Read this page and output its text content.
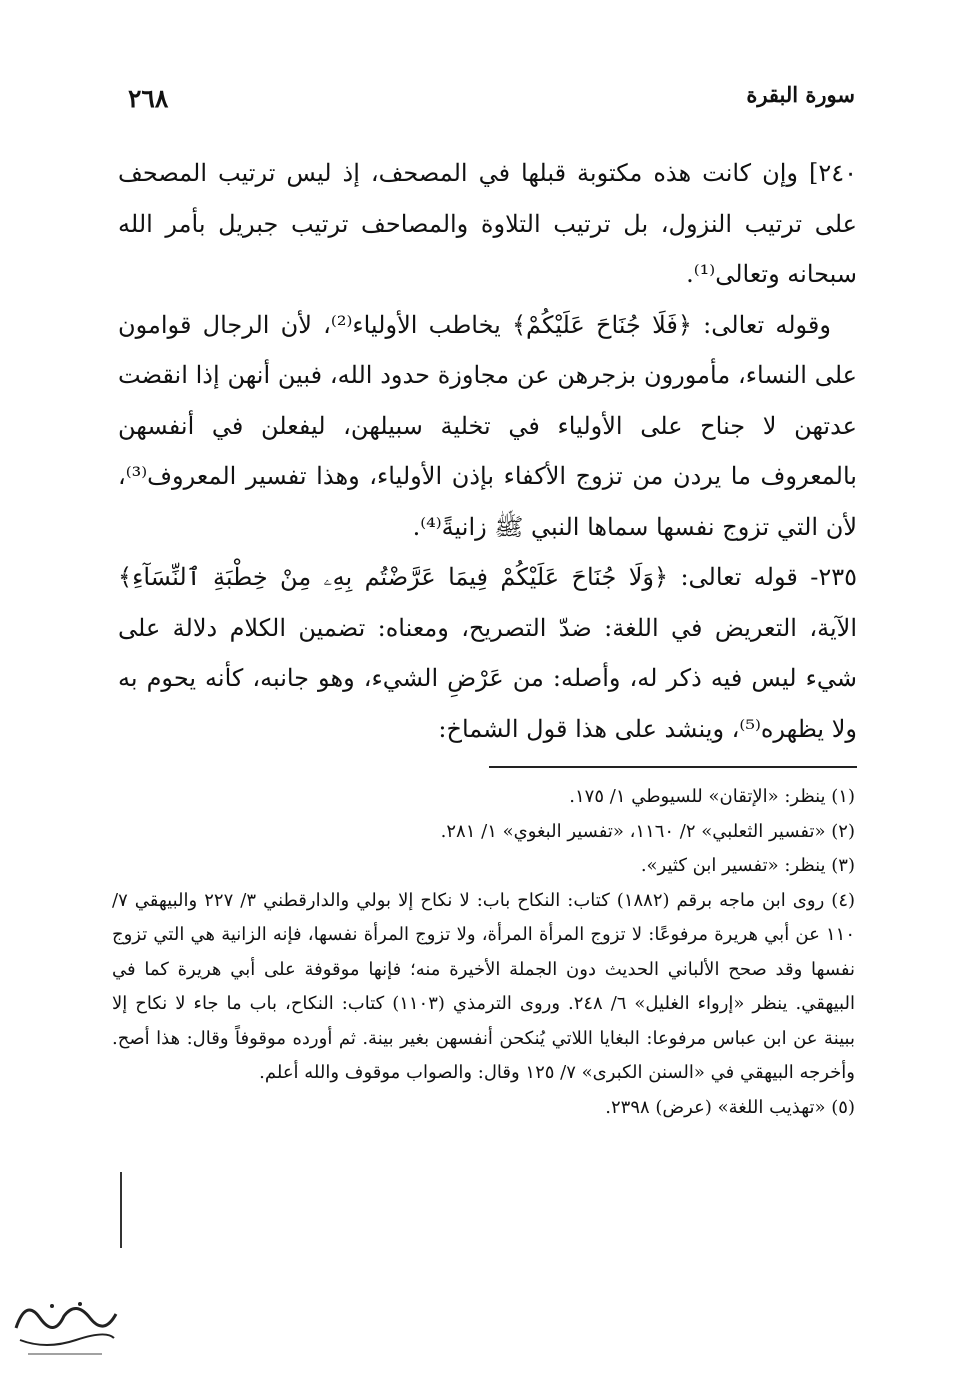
سورة البقرة
٢٦٨

٢٤٠] وإن كانت هذه مكتوبة قبلها في المصحف، إذ ليس ترتيب المصحف على ترتيب النزول، بل ترتيب التلاوة والمصاحف ترتيب جبريل بأمر الله سبحانه وتعالى⁽¹⁾.

وقوله تعالى: ﴿فَلَا جُنَاحَ عَلَيْكُمْ﴾ يخاطب الأولياء⁽²⁾، لأن الرجال قوامون على النساء، مأمورون بزجرهن عن مجاوزة حدود الله، فبين أنهن إذا انقضت عدتهن لا جناح على الأولياء في تخلية سبيلهن، ليفعلن في أنفسهن بالمعروف ما يردن من تزوج الأكفاء بإذن الأولياء، وهذا تفسير المعروف⁽³⁾، لأن التي تزوج نفسها سماها النبي ﷺ زانيةً⁽⁴⁾.

٢٣٥- قوله تعالى: ﴿وَلَا جُنَاحَ عَلَيْكُمْ فِيمَا عَرَّضْتُم بِهِۦ مِنْ خِطْبَةِ ٱلنِّسَآءِ﴾ الآية، التعريض في اللغة: ضدّ التصريح، ومعناه: تضمين الكلام دلالة على شيء ليس فيه ذكر له، وأصله: من عَرْضِ الشيء، وهو جانبه، كأنه يحوم به ولا يظهره⁽⁵⁾، وينشد على هذا قول الشماخ:

(١) ينظر: «الإتقان» للسيوطي ١/ ١٧٥.

(٢) «تفسير الثعلبي» ٢/ ١١٦٠، «تفسير البغوي» ١/ ٢٨١.

(٣) ينظر: «تفسير ابن كثير».

(٤) روى ابن ماجه برقم (١٨٨٢) كتاب: النكاح باب: لا نكاح إلا بولي والدارقطني ٣/ ٢٢٧ والبيهقي ٧/ ١١٠ عن أبي هريرة مرفوعًا: لا تزوج المرأة المرأة، ولا تزوج المرأة نفسها، فإنه الزانية هي التي تزوج نفسها وقد صحح الألباني الحديث دون الجملة الأخيرة منه؛ فإنها موقوفة على أبي هريرة كما في البيهقي. ينظر «إرواء الغليل» ٦/ ٢٤٨. وروى الترمذي (١١٠٣) كتاب: النكاح، باب ما جاء لا نكاح إلا ببينة عن ابن عباس مرفوعا: البغايا اللاتي يُنكحن أنفسهن بغير بينة. ثم أورده موقوفاً وقال: هذا أصح. وأخرجه البيهقي في «السنن الكبرى» ٧/ ١٢٥ وقال: والصواب موقوف والله أعلم.

(٥) «تهذيب اللغة» (عرض) ٢٣٩٨.
